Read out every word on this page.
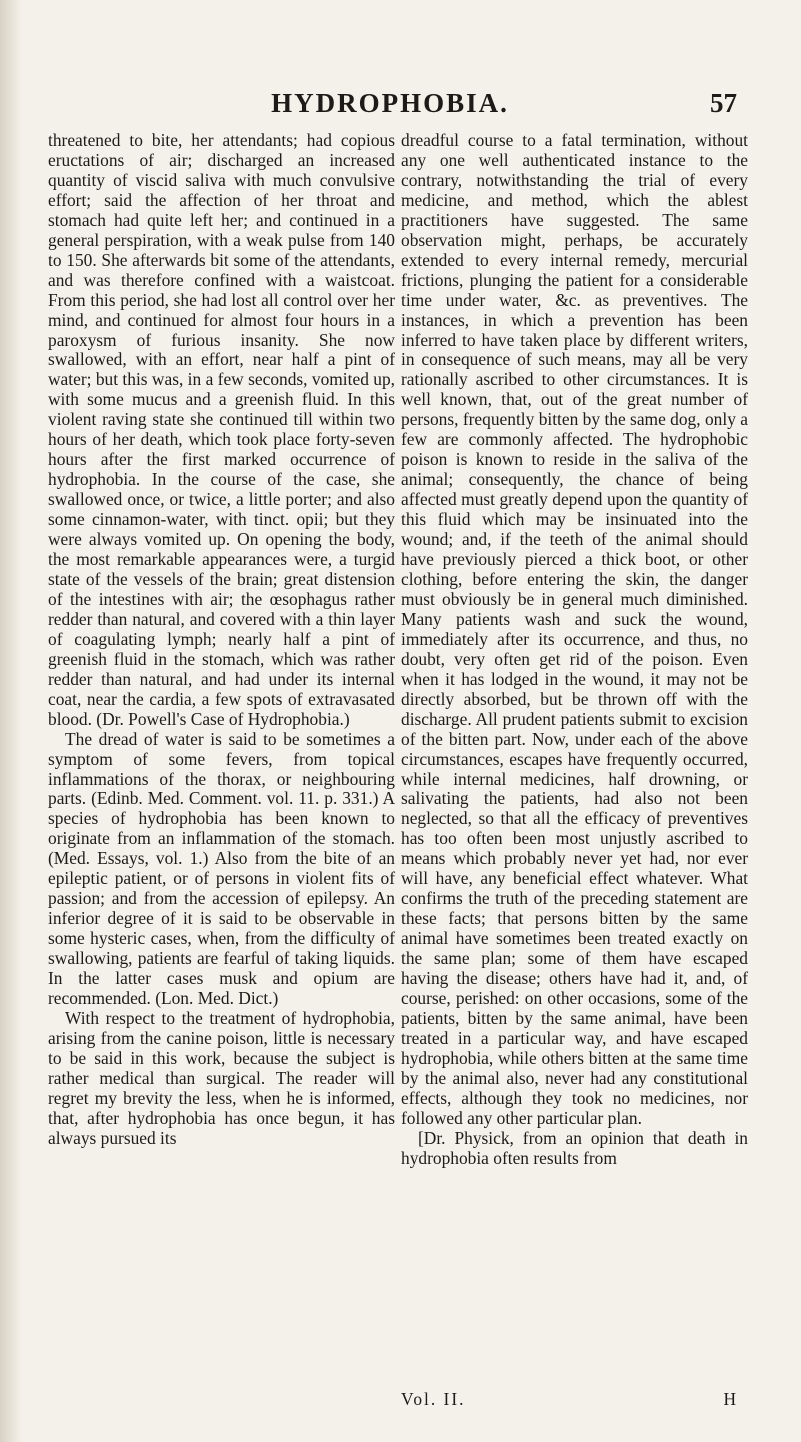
HYDROPHOBIA.	57

threatened to bite, her attendants; had copious eructations of air; discharged an increased quantity of viscid saliva with much convulsive effort; said the affection of her throat and stomach had quite left her; and continued in a general perspiration, with a weak pulse from 140 to 150. She afterwards bit some of the attendants, and was therefore confined with a waistcoat. From this period, she had lost all control over her mind, and continued for almost four hours in a paroxysm of furious insanity. She now swallowed, with an effort, near half a pint of water; but this was, in a few seconds, vomited up, with some mucus and a greenish fluid. In this violent raving state she continued till within two hours of her death, which took place forty-seven hours after the first marked occurrence of hydrophobia. In the course of the case, she swallowed once, or twice, a little porter; and also some cinnamon-water, with tinct. opii; but they were always vomited up. On opening the body, the most remarkable appearances were, a turgid state of the vessels of the brain; great distension of the intestines with air; the œsophagus rather redder than natural, and covered with a thin layer of coagulating lymph; nearly half a pint of greenish fluid in the stomach, which was rather redder than natural, and had under its internal coat, near the cardia, a few spots of extravasated blood. (Dr. Powell's Case of Hydrophobia.)

The dread of water is said to be sometimes a symptom of some fevers, from topical inflammations of the thorax, or neighbouring parts. (Edinb. Med. Comment. vol. 11. p. 331.) A species of hydrophobia has been known to originate from an inflammation of the stomach. (Med. Essays, vol. 1.) Also from the bite of an epileptic patient, or of persons in violent fits of passion; and from the accession of epilepsy. An inferior degree of it is said to be observable in some hysteric cases, when, from the difficulty of swallowing, patients are fearful of taking liquids. In the latter cases musk and opium are recommended. (Lon. Med. Dict.)

With respect to the treatment of hydrophobia, arising from the canine poison, little is necessary to be said in this work, because the subject is rather medical than surgical. The reader will regret my brevity the less, when he is informed, that, after hydrophobia has once begun, it has always pursued its

dreadful course to a fatal termination, without any one well authenticated instance to the contrary, notwithstanding the trial of every medicine, and method, which the ablest practitioners have suggested. The same observation might, perhaps, be accurately extended to every internal remedy, mercurial frictions, plunging the patient for a considerable time under water, &c. as preventives. The instances, in which a prevention has been inferred to have taken place by different writers, in consequence of such means, may all be very rationally ascribed to other circumstances. It is well known, that, out of the great number of persons, frequently bitten by the same dog, only a few are commonly affected. The hydrophobic poison is known to reside in the saliva of the animal; consequently, the chance of being affected must greatly depend upon the quantity of this fluid which may be insinuated into the wound; and, if the teeth of the animal should have previously pierced a thick boot, or other clothing, before entering the skin, the danger must obviously be in general much diminished. Many patients wash and suck the wound, immediately after its occurrence, and thus, no doubt, very often get rid of the poison. Even when it has lodged in the wound, it may not be directly absorbed, but be thrown off with the discharge. All prudent patients submit to excision of the bitten part. Now, under each of the above circumstances, escapes have frequently occurred, while internal medicines, half drowning, or salivating the patients, had also not been neglected, so that all the efficacy of preventives has too often been most unjustly ascribed to means which probably never yet had, nor ever will have, any beneficial effect whatever. What confirms the truth of the preceding statement are these facts; that persons bitten by the same animal have sometimes been treated exactly on the same plan; some of them have escaped having the disease; others have had it, and, of course, perished: on other occasions, some of the patients, bitten by the same animal, have been treated in a particular way, and have escaped hydrophobia, while others bitten at the same time by the animal also, never had any constitutional effects, although they took no medicines, nor followed any other particular plan.

[Dr. Physick, from an opinion that death in hydrophobia often results from

Vol. II.	H
